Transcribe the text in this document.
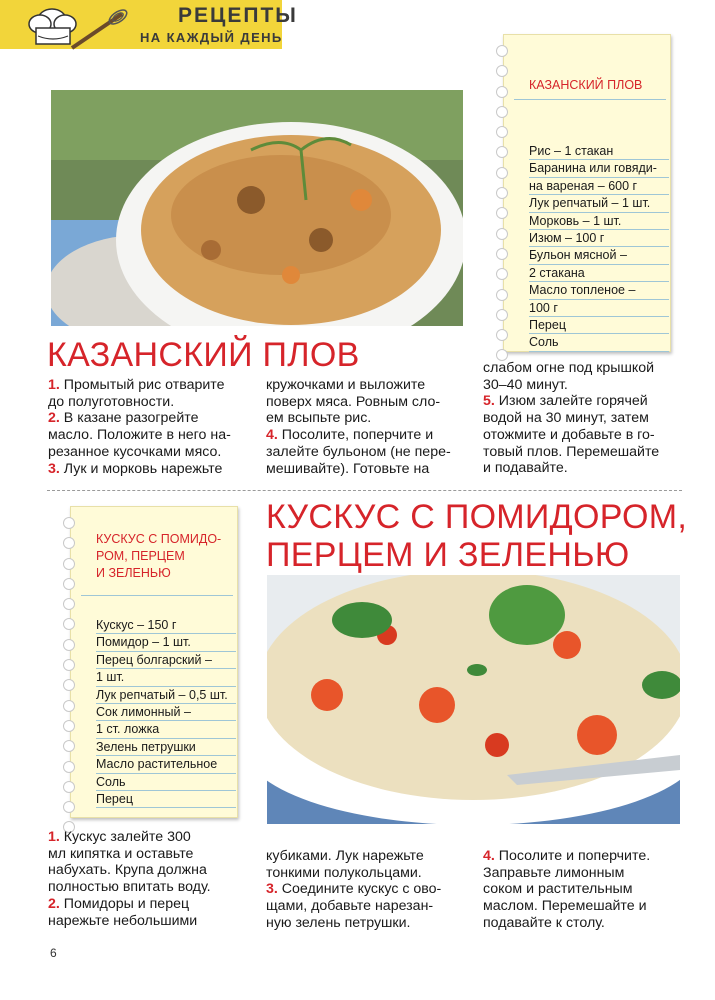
РЕЦЕПТЫ
НА КАЖДЫЙ ДЕНЬ
КАЗАНСКИЙ ПЛОВ
Рис – 1 стакан
Баранина или говяди-
на вареная – 600 г
Лук репчатый – 1 шт.
Морковь – 1 шт.
Изюм – 100 г
Бульон мясной –
2 стакана
Масло топленое –
100 г
Перец
Соль
КАЗАНСКИЙ ПЛОВ
1. Промытый рис отварите
до полуготовности.
2. В казане разогрейте
масло. Положите в него на-
резанное кусочками мясо.
3. Лук и морковь нарежьте
кружочками и выложите
поверх мяса. Ровным сло-
ем всыпьте рис.
4. Посолите, поперчите и
залейте бульоном (не пере-
мешивайте). Готовьте на
слабом огне под крышкой
30–40 минут.
5. Изюм залейте горячей
водой на 30 минут, затем
отожмите и добавьте в го-
товый плов. Перемешайте
и подавайте.
КУСКУС С ПОМИДО-
РОМ, ПЕРЦЕМ
И ЗЕЛЕНЬЮ
Кускус – 150 г
Помидор – 1 шт.
Перец болгарский –
1 шт.
Лук репчатый – 0,5 шт.
Сок лимонный –
1 ст. ложка
Зелень петрушки
Масло растительное
Соль
Перец
КУСКУС С ПОМИДОРОМ,
ПЕРЦЕМ И ЗЕЛЕНЬЮ
1. Кускус залейте 300
мл кипятка и оставьте
набухать. Крупа должна
полностью впитать воду.
2. Помидоры и перец
нарежьте небольшими
кубиками. Лук нарежьте
тонкими полукольцами.
3. Соедините кускус с ово-
щами, добавьте нарезан-
ную зелень петрушки.
4. Посолите и поперчите.
Заправьте лимонным
соком и растительным
маслом. Перемешайте и
подавайте к столу.
6
